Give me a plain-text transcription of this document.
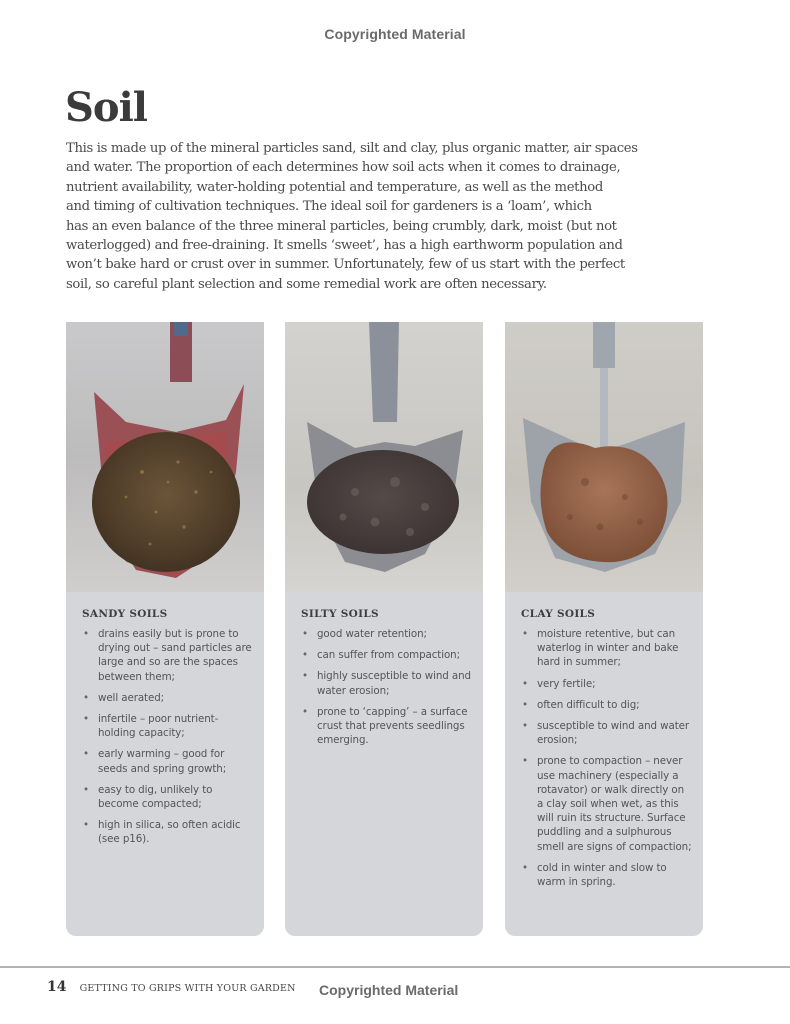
Copyrighted Material
Soil

This is made up of the mineral particles sand, silt and clay, plus organic matter, air spaces
and water. The proportion of each determines how soil acts when it comes to drainage,
nutrient availability, water-holding potential and temperature, as well as the method
and timing of cultivation techniques. The ideal soil for gardeners is a ‘loam’, which
has an even balance of the three mineral particles, being crumbly, dark, moist (but not
waterlogged) and free-draining. It smells ‘sweet’, has a high earthworm population and
won’t bake hard or crust over in summer. Unfortunately, few of us start with the perfect
soil, so careful plant selection and some remedial work are often necessary.

SANDY SOILS
• drains easily but is prone to drying out – sand particles are large and so are the spaces between them;
• well aerated;
• infertile – poor nutrient-holding capacity;
• early warming – good for seeds and spring growth;
• easy to dig, unlikely to become compacted;
• high in silica, so often acidic (see p16).
SILTY SOILS
• good water retention;
• can suffer from compaction;
• highly susceptible to wind and water erosion;
• prone to ‘capping’ – a surface crust that prevents seedlings emerging.
CLAY SOILS
• moisture retentive, but can waterlog in winter and bake hard in summer;
• very fertile;
• often difficult to dig;
• susceptible to wind and water erosion;
• prone to compaction – never use machinery (especially a rotavator) or walk directly on a clay soil when wet, as this will ruin its structure. Surface puddling and a sulphurous smell are signs of compaction;
• cold in winter and slow to warm in spring.
14 GETTING TO GRIPS WITH YOUR GARDEN Copyrighted Material
